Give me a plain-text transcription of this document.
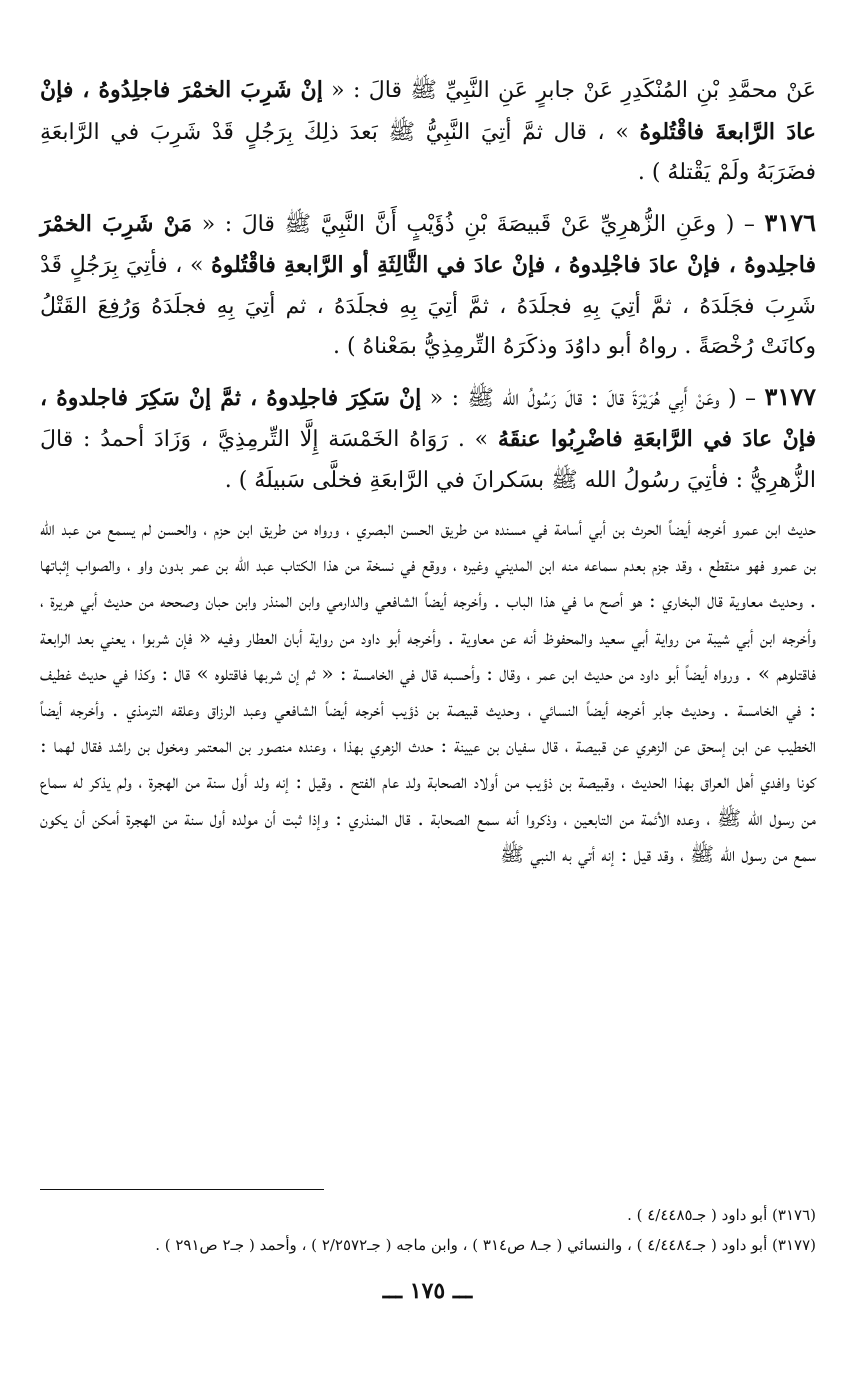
عَنْ محمَّدِ بْنِ المُنْكَدِرِ عَنْ جابرٍ عَنِ النَّبِيِّ ﷺ قالَ : « إنْ شَرِبَ الخمْرَ فاجلِدُوهُ ، فإنْ عادَ الرَّابعةَ فاقْتُلوهُ » ، قال ثمَّ أتِيَ النَّبِيُّ ﷺ بَعدَ ذلِكَ بِرَجُلٍ قَدْ شَرِبَ في الرَّابعَةِ فضَرَبَهُ ولَمْ يَقْتلهُ ) .

٣١٧٦ – ( وعَنِ الزُّهرِيِّ عَنْ قَبيصَةَ بْنِ ذُؤَيْبٍ أَنَّ النَّبِيَّ ﷺ قالَ : « مَنْ شَرِبَ الخمْرَ فاجلِدوهُ ، فإنْ عادَ فاجْلِدوهُ ، فإنْ عادَ في الثَّالِثَةِ أو الرَّابعةِ فاقْتُلوهُ » ، فأتِيَ بِرَجُلٍ قَدْ شَرِبَ فجَلَدَهُ ، ثمَّ أتِيَ بِهِ فجلَدَهُ ، ثمَّ أتِيَ بِهِ فجلَدَهُ ، ثم أتِيَ بِهِ فجلَدَهُ وَرُفِعَ القَتْلُ وكانَتْ رُخْصَةً . رواهُ أبو داوُدَ وذكَرَهُ التِّرمِذِيُّ بمَعْناهُ ) .

٣١٧٧ – ( وعَنْ أَبِي هُرَيْرَةَ قالَ : قالَ رَسُولُ الله ﷺ : « إنْ سَكِرَ فاجلِدوهُ ، ثمَّ إنْ سَكِرَ فاجلدوهُ ، فإنْ عادَ في الرَّابعَةِ فاضْرِبُوا عنقَهُ » . رَوَاهُ الخَمْسَة إِلَّا التِّرمِذِيَّ ، وَزَادَ أحمدُ : قالَ الزُّهرِيُّ : فأتِيَ رسُولُ الله ﷺ بسَكرانَ في الرَّابعَةِ فخلَّى سَبيلَهُ ) .

حديث ابن عمرو أخرجه أيضاً الحرث بن أبي أسامة في مسنده من طريق الحسن البصري ، ورواه من طريق ابن حزم ، والحسن لم يسمع من عبد الله بن عمرو فهو منقطع ، وقد جزم بعدم سماعه منه ابن المديني وغيره ، ووقع في نسخة من هذا الكتاب عبد الله بن عمر بدون واو ، والصواب إثباتها . وحديث معاوية قال البخاري : هو أصح ما في هذا الباب . وأخرجه أيضاً الشافعي والدارمي وابن المنذر وابن حبان وصححه من حديث أبي هريرة ، وأخرجه ابن أبي شيبة من رواية أبي سعيد والمحفوظ أنه عن معاوية . وأخرجه أبو داود من رواية أبان العطار وفيه « فإن شربوا ، يعني بعد الرابعة فاقتلوهم » . ورواه أيضاً أبو داود من حديث ابن عمر ، وقال : وأحسبه قال في الخامسة : « ثم إن شربها فاقتلوه » قال : وكذا في حديث غطيف : في الخامسة . وحديث جابر أخرجه أيضاً النسائي ، وحديث قبيصة بن ذؤيب أخرجه أيضاً الشافعي وعبد الرزاق وعلقه الترمذي . وأخرجه أيضاً الخطيب عن ابن إسحق عن الزهري عن قبيصة ، قال سفيان بن عيينة : حدث الزهري بهذا ، وعنده منصور بن المعتمر ومخول بن راشد فقال لهما : كونا وافدي أهل العراق بهذا الحديث ، وقبيصة بن ذؤيب من أولاد الصحابة ولد عام الفتح . وقيل : إنه ولد أول سنة من الهجرة ، ولم يذكر له سماع من رسول الله ﷺ ، وعده الأئمة من التابعين ، وذكروا أنه سمع الصحابة . قال المنذري : وإذا ثبت أن مولده أول سنة من الهجرة أمكن أن يكون سمع من رسول الله ﷺ ، وقد قيل : إنه أتي به النبي ﷺ

(٣١٧٦) أبو داود ( جـ٤/٤٤٨٥ ) .

(٣١٧٧) أبو داود ( جـ٤/٤٤٨٤ ) ، والنسائي ( جـ٨ ص٣١٤ ) ، وابن ماجه ( جـ٢/٢٥٧٢ ) ، وأحمد ( جـ٢ ص٢٩١ ) .

ـــ ١٧٥ ـــ
